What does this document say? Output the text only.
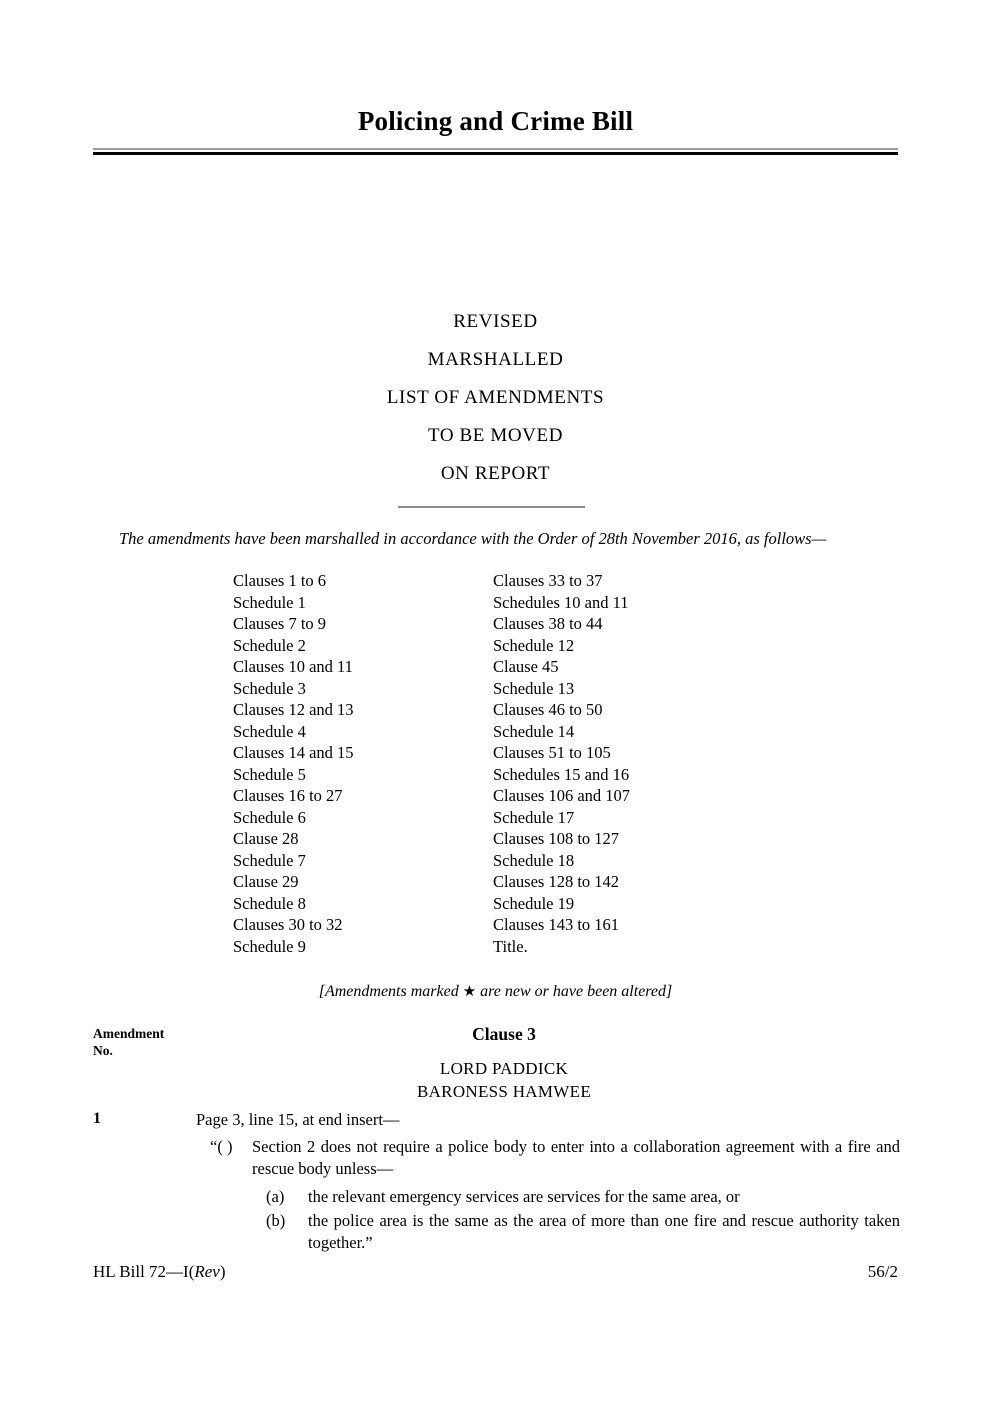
Policing and Crime Bill
REVISED
MARSHALLED
LIST OF AMENDMENTS
TO BE MOVED
ON REPORT
The amendments have been marshalled in accordance with the Order of 28th November 2016, as follows—
Clauses 1 to 6
Schedule 1
Clauses 7 to 9
Schedule 2
Clauses 10 and 11
Schedule 3
Clauses 12 and 13
Schedule 4
Clauses 14 and 15
Schedule 5
Clauses 16 to 27
Schedule 6
Clause 28
Schedule 7
Clause 29
Schedule 8
Clauses 30 to 32
Schedule 9
Clauses 33 to 37
Schedules 10 and 11
Clauses 38 to 44
Schedule 12
Clause 45
Schedule 13
Clauses 46 to 50
Schedule 14
Clauses 51 to 105
Schedules 15 and 16
Clauses 106 and 107
Schedule 17
Clauses 108 to 127
Schedule 18
Clauses 128 to 142
Schedule 19
Clauses 143 to 161
Title.
[Amendments marked ★ are new or have been altered]
Amendment
No.
Clause 3
LORD PADDICK
BARONESS HAMWEE
1	Page 3, line 15, at end insert—
“( ) Section 2 does not require a police body to enter into a collaboration agreement with a fire and rescue body unless—
(a) the relevant emergency services are services for the same area, or
(b) the police area is the same as the area of more than one fire and rescue authority taken together.”
HL Bill 72—I(Rev)	56/2
